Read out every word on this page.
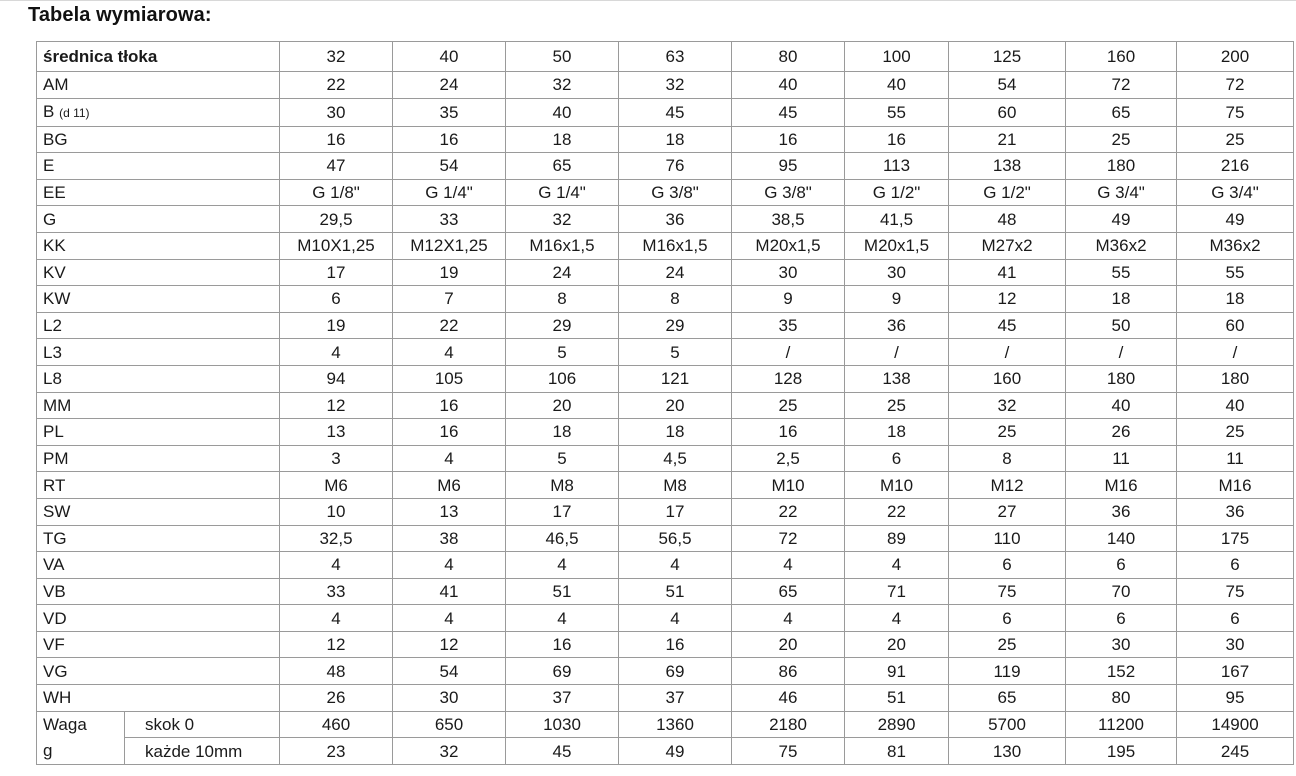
Tabela wymiarowa:
średnica tłoka		32	40	50	63	80	100	125	160	200
AM		22	24	32	32	40	40	54	72	72
B (d 11)		30	35	40	45	45	55	60	65	75
BG		16	16	18	18	16	16	21	25	25
E		47	54	65	76	95	113	138	180	216
EE		G 1/8"	G 1/4"	G 1/4"	G 3/8"	G 3/8"	G 1/2"	G 1/2"	G 3/4"	G 3/4"
G		29,5	33	32	36	38,5	41,5	48	49	49
KK		M10X1,25	M12X1,25	M16x1,5	M16x1,5	M20x1,5	M20x1,5	M27x2	M36x2	M36x2
KV		17	19	24	24	30	30	41	55	55
KW		6	7	8	8	9	9	12	18	18
L2		19	22	29	29	35	36	45	50	60
L3		4	4	5	5	/	/	/	/	/
L8		94	105	106	121	128	138	160	180	180
MM		12	16	20	20	25	25	32	40	40
PL		13	16	18	18	16	18	25	26	25
PM		3	4	5	4,5	2,5	6	8	11	11
RT		M6	M6	M8	M8	M10	M10	M12	M16	M16
SW		10	13	17	17	22	22	27	36	36
TG		32,5	38	46,5	56,5	72	89	110	140	175
VA		4	4	4	4	4	4	6	6	6
VB		33	41	51	51	65	71	75	70	75
VD		4	4	4	4	4	4	6	6	6
VF		12	12	16	16	20	20	25	30	30
VG		48	54	69	69	86	91	119	152	167
WH		26	30	37	37	46	51	65	80	95
Waga	skok 0	460	650	1030	1360	2180	2890	5700	11200	14900
g	każde 10mm	23	32	45	49	75	81	130	195	245
